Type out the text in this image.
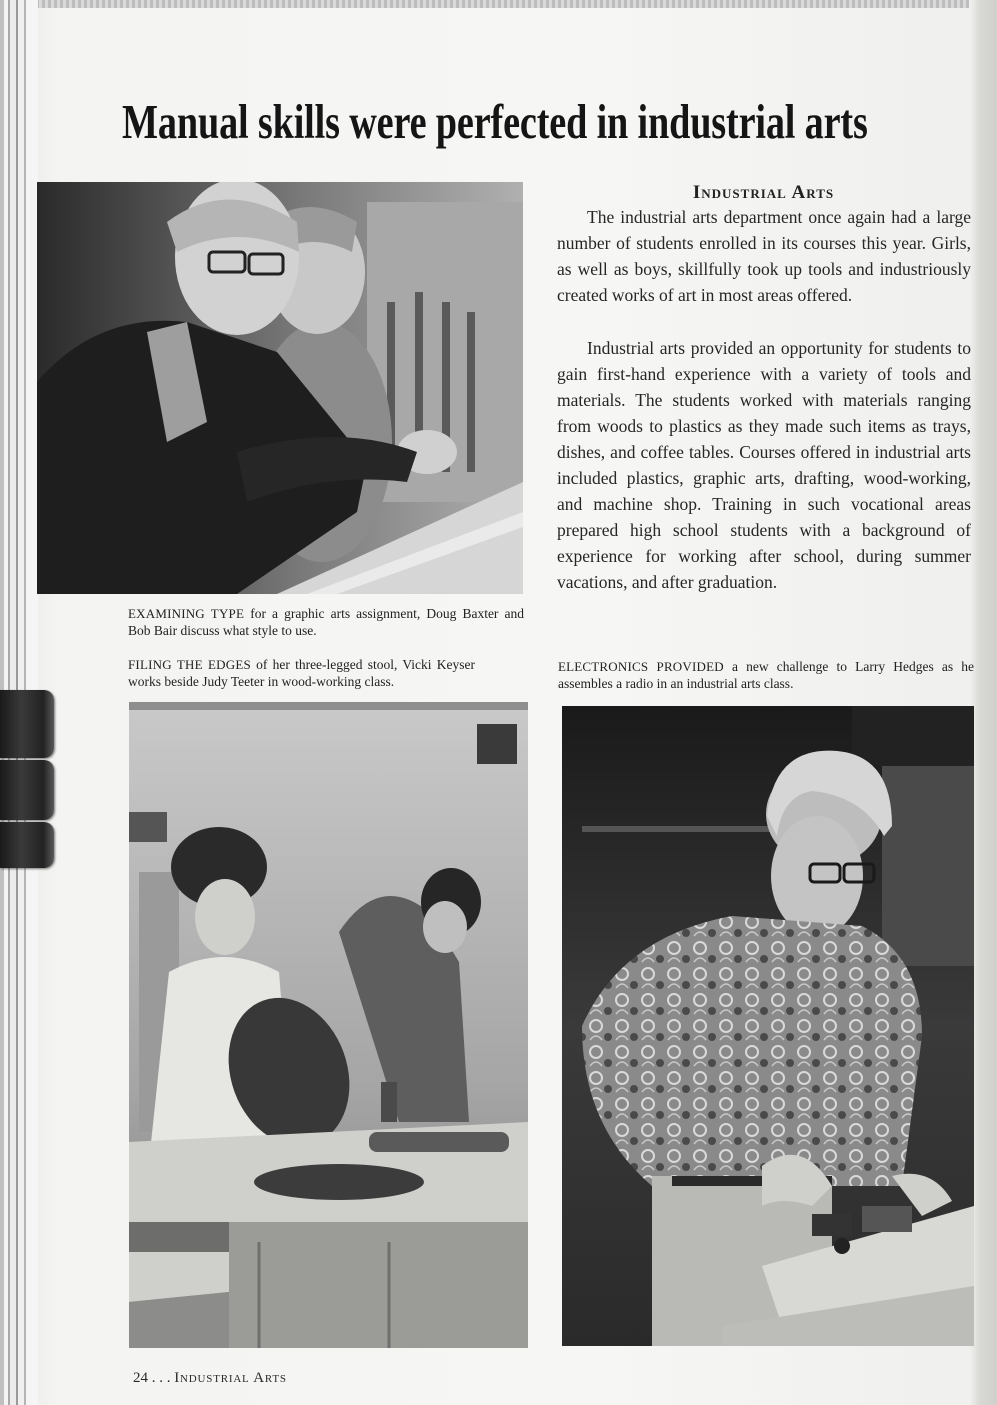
Manual skills were perfected in industrial arts

EXAMINING TYPE for a graphic arts assignment, Doug Baxter and Bob Bair discuss what style to use.

FILING THE EDGES of her three-legged stool, Vicki Keyser works beside Judy Teeter in wood-working class.

Industrial Arts

The industrial arts department once again had a large number of students enrolled in its courses this year. Girls, as well as boys, skillfully took up tools and industriously created works of art in most areas offered.

Industrial arts provided an opportunity for students to gain first-hand experience with a variety of tools and materials. The students worked with materials ranging from woods to plastics as they made such items as trays, dishes, and coffee tables. Courses offered in industrial arts included plastics, graphic arts, drafting, wood-working, and machine shop. Training in such vocational areas prepared high school students with a background of experience for working after school, during summer vacations, and after graduation.

ELECTRONICS PROVIDED a new challenge to Larry Hedges as he assembles a radio in an industrial arts class.

24 . . . Industrial Arts
